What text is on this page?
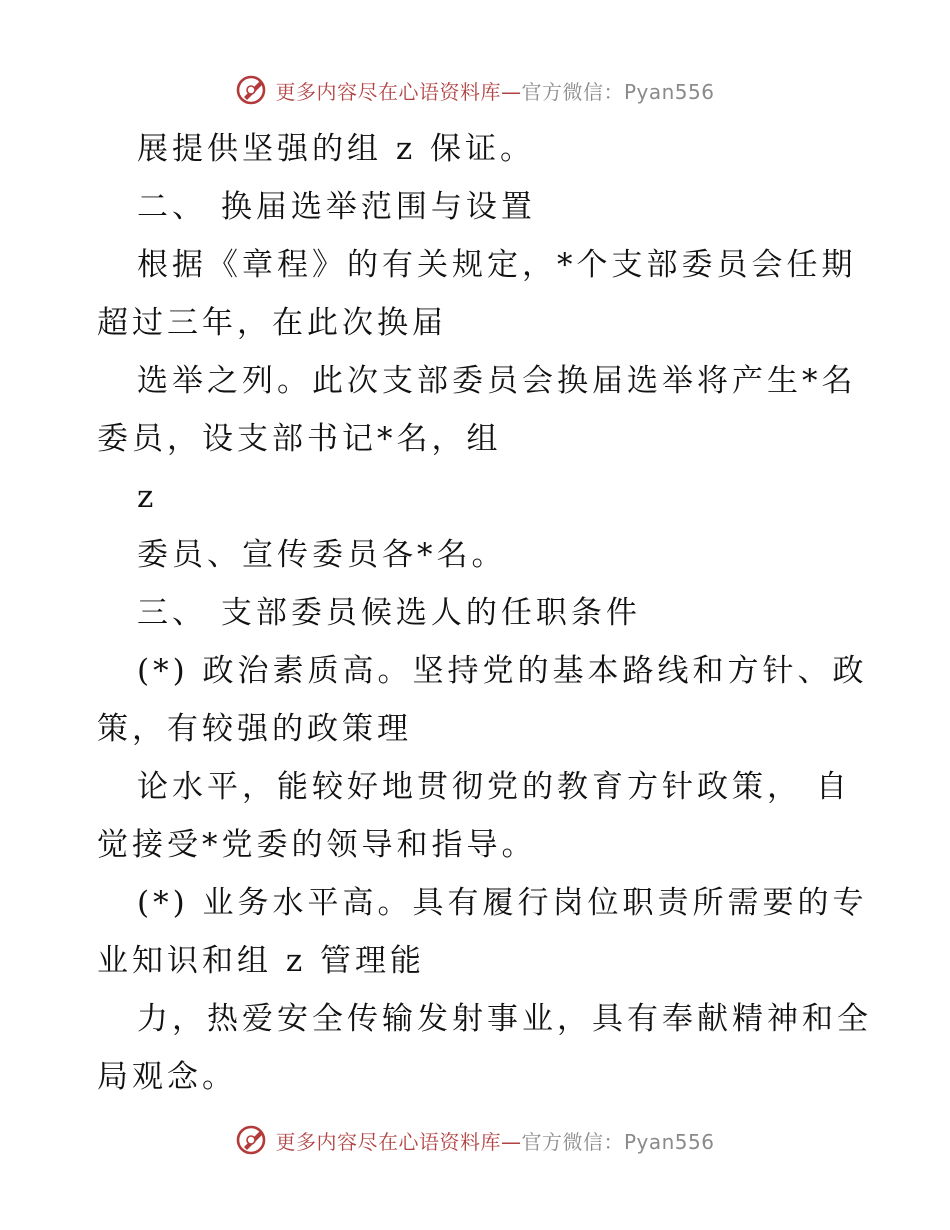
更多内容尽在心语资料库—官方微信：Pyan556
展提供坚强的组 z 保证。
二、 换届选举范围与设置
根据《章程》的有关规定，*个支部委员会任期
超过三年，在此次换届
选举之列。此次支部委员会换届选举将产生*名
委员，设支部书记*名，组
z
委员、宣传委员各*名。
三、 支部委员候选人的任职条件
(*) 政治素质高。坚持党的基本路线和方针、政
策，有较强的政策理
论水平，能较好地贯彻党的教育方针政策， 自
觉接受*党委的领导和指导。
(*) 业务水平高。具有履行岗位职责所需要的专
业知识和组 z 管理能
力，热爱安全传输发射事业，具有奉献精神和全
局观念。
更多内容尽在心语资料库—官方微信：Pyan556
